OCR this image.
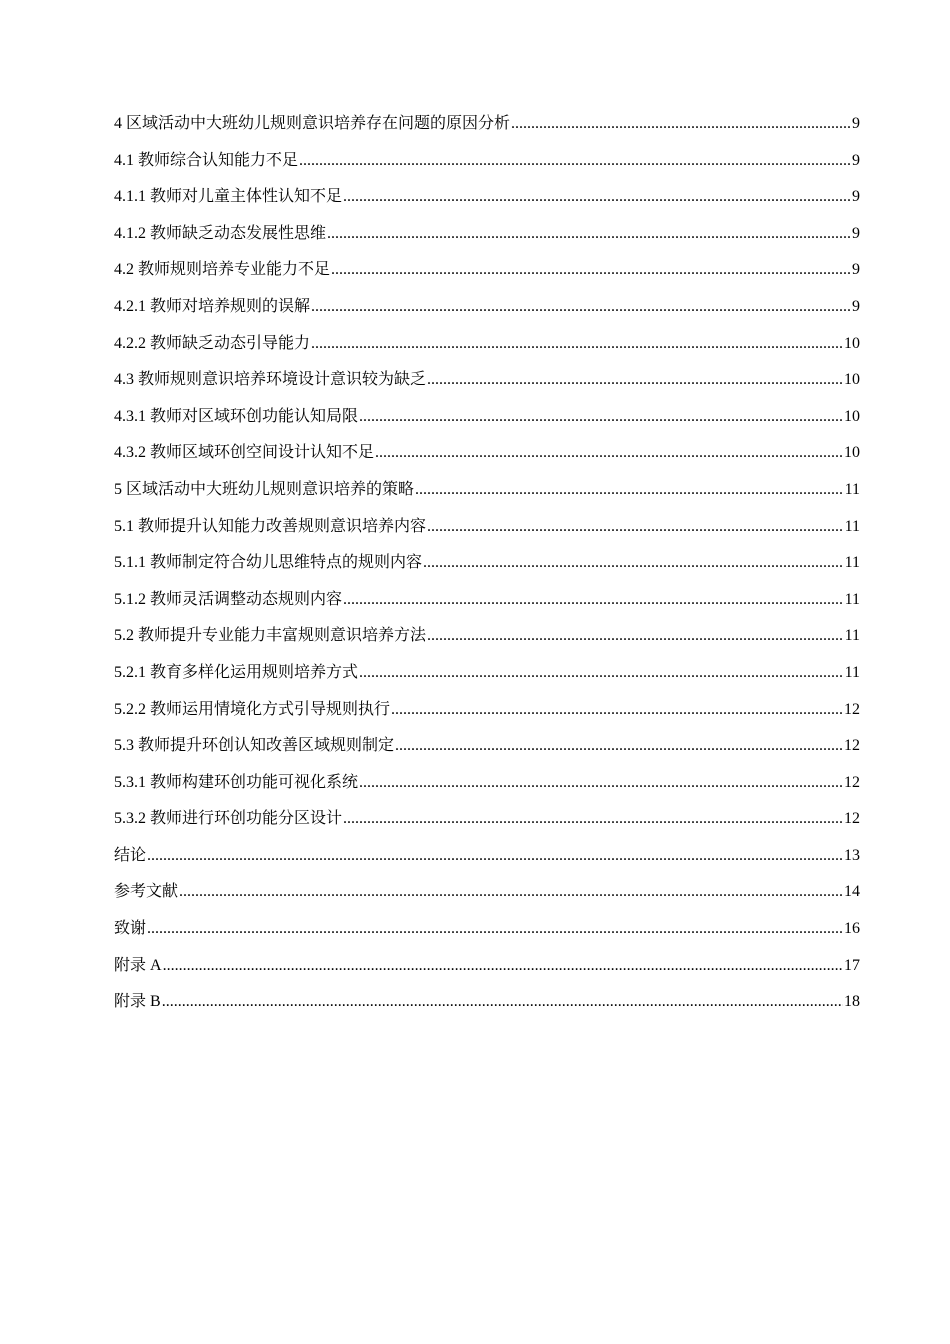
4 区域活动中大班幼儿规则意识培养存在问题的原因分析 .....	9
4.1 教师综合认知能力不足 .....	9
4.1.1 教师对儿童主体性认知不足 .....	9
4.1.2 教师缺乏动态发展性思维 .....	9
4.2 教师规则培养专业能力不足 .....	9
4.2.1 教师对培养规则的误解 .....	9
4.2.2 教师缺乏动态引导能力 .....	10
4.3 教师规则意识培养环境设计意识较为缺乏 .....	10
4.3.1 教师对区域环创功能认知局限 .....	10
4.3.2 教师区域环创空间设计认知不足 .....	10
5 区域活动中大班幼儿规则意识培养的策略 .....	11
5.1 教师提升认知能力改善规则意识培养内容 .....	11
5.1.1 教师制定符合幼儿思维特点的规则内容 .....	11
5.1.2 教师灵活调整动态规则内容 .....	11
5.2 教师提升专业能力丰富规则意识培养方法 .....	11
5.2.1 教育多样化运用规则培养方式 .....	11
5.2.2 教师运用情境化方式引导规则执行 .....	12
5.3 教师提升环创认知改善区域规则制定 .....	12
5.3.1 教师构建环创功能可视化系统 .....	12
5.3.2 教师进行环创功能分区设计 .....	12
结论 .....	13
参考文献 .....	14
致谢 .....	16
附录 A .....	17
附录 B .....	18
